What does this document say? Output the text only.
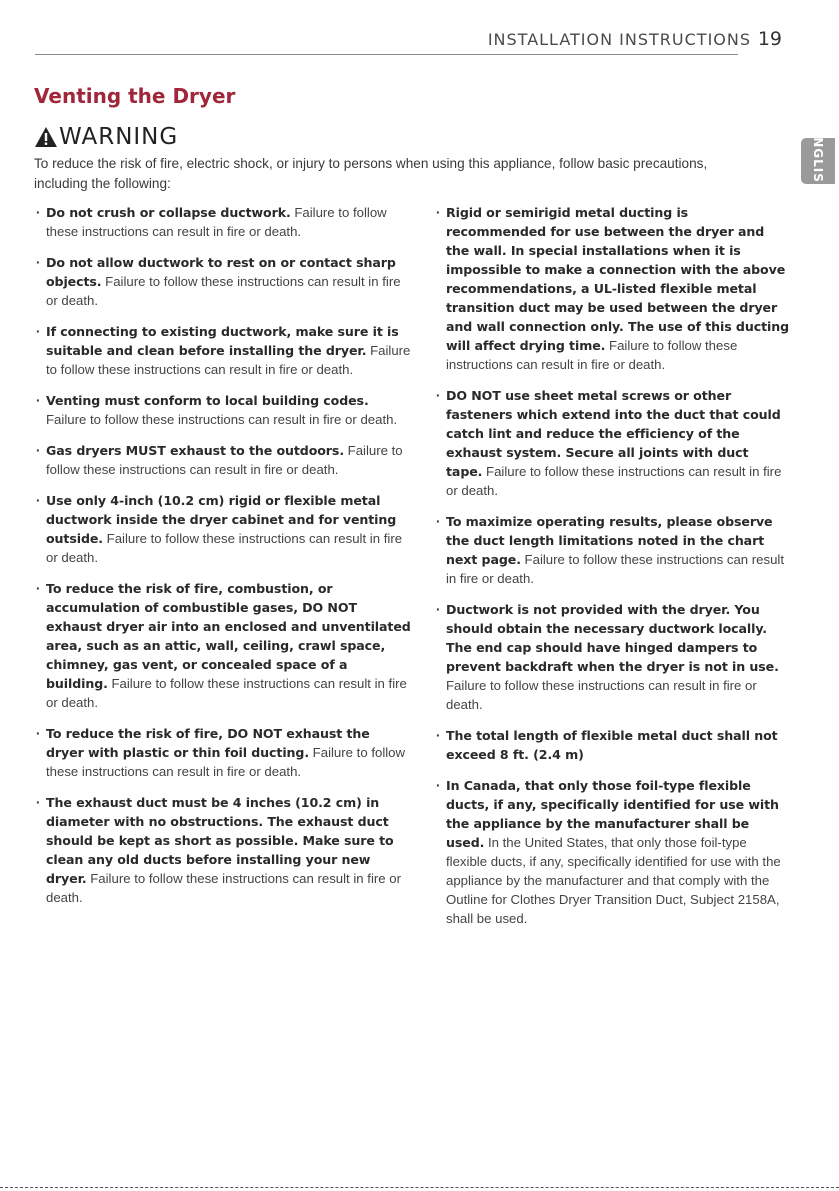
INSTALLATION INSTRUCTIONS 19
Venting the Dryer
WARNING

To reduce the risk of fire, electric shock, or injury to persons when using this appliance, follow basic precautions, including the following:

· Do not crush or collapse ductwork. Failure to follow these instructions can result in fire or death.
· Do not allow ductwork to rest on or contact sharp objects. Failure to follow these instructions can result in fire or death.
· If connecting to existing ductwork, make sure it is suitable and clean before installing the dryer. Failure to follow these instructions can result in fire or death.
· Venting must conform to local building codes. Failure to follow these instructions can result in fire or death.
· Gas dryers MUST exhaust to the outdoors. Failure to follow these instructions can result in fire or death.
· Use only 4-inch (10.2 cm) rigid or flexible metal ductwork inside the dryer cabinet and for venting outside. Failure to follow these instructions can result in fire or death.
· To reduce the risk of fire, combustion, or accumulation of combustible gases, DO NOT exhaust dryer air into an enclosed and unventilated area, such as an attic, wall, ceiling, crawl space, chimney, gas vent, or concealed space of a building. Failure to follow these instructions can result in fire or death.
· To reduce the risk of fire, DO NOT exhaust the dryer with plastic or thin foil ducting. Failure to follow these instructions can result in fire or death.
· The exhaust duct must be 4 inches (10.2 cm) in diameter with no obstructions. The exhaust duct should be kept as short as possible. Make sure to clean any old ducts before installing your new dryer. Failure to follow these instructions can result in fire or death.
· Rigid or semirigid metal ducting is recommended for use between the dryer and the wall. In special installations when it is impossible to make a connection with the above recommendations, a UL-listed flexible metal transition duct may be used between the dryer and wall connection only. The use of this ducting will affect drying time. Failure to follow these instructions can result in fire or death.
· DO NOT use sheet metal screws or other fasteners which extend into the duct that could catch lint and reduce the efficiency of the exhaust system. Secure all joints with duct tape. Failure to follow these instructions can result in fire or death.
· To maximize operating results, please observe the duct length limitations noted in the chart next page. Failure to follow these instructions can result in fire or death.
· Ductwork is not provided with the dryer. You should obtain the necessary ductwork locally. The end cap should have hinged dampers to prevent backdraft when the dryer is not in use. Failure to follow these instructions can result in fire or death.
· The total length of flexible metal duct shall not exceed 8 ft. (2.4 m)
· In Canada, that only those foil-type flexible ducts, if any, specifically identified for use with the appliance by the manufacturer shall be used. In the United States, that only those foil-type flexible ducts, if any, specifically identified for use with the appliance by the manufacturer and that comply with the Outline for Clothes Dryer Transition Duct, Subject 2158A, shall be used.
ENGLISH
